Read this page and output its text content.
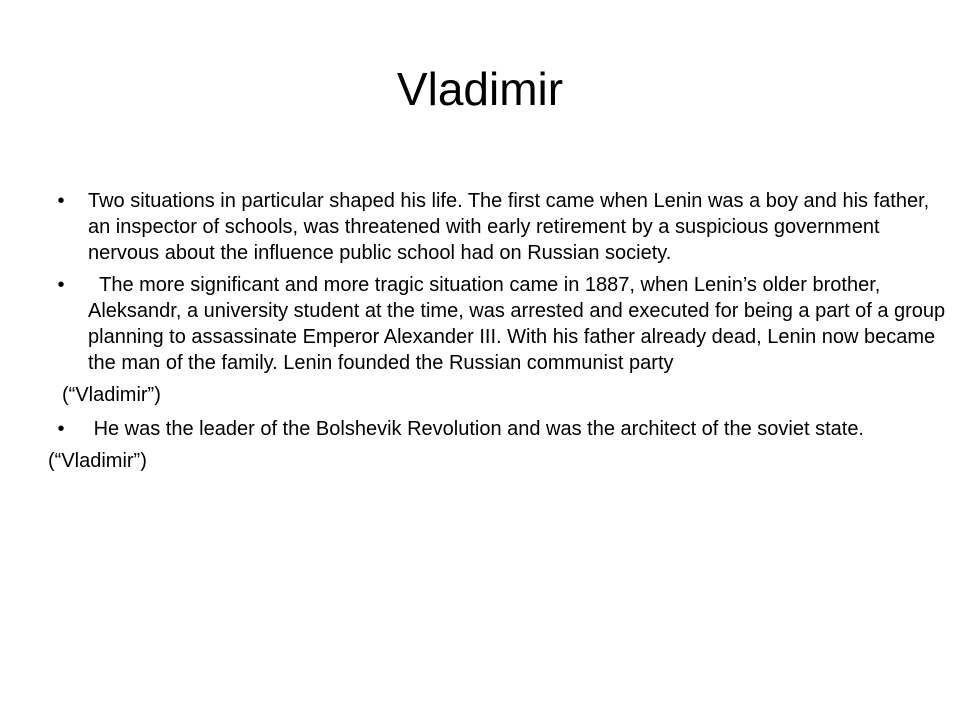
Vladimir
• Two situations in particular shaped his life. The first came when Lenin was a boy and his father, an inspector of schools, was threatened with early retirement by a suspicious government nervous about the influence public school had on Russian society.
• The more significant and more tragic situation came in 1887, when Lenin’s older brother, Aleksandr, a university student at the time, was arrested and executed for being a part of a group planning to assassinate Emperor Alexander III. With his father already dead, Lenin now became the man of the family. Lenin founded the Russian communist party
(“Vladimir”)
• He was the leader of the Bolshevik Revolution and was the architect of the soviet state.
(“Vladimir”)
